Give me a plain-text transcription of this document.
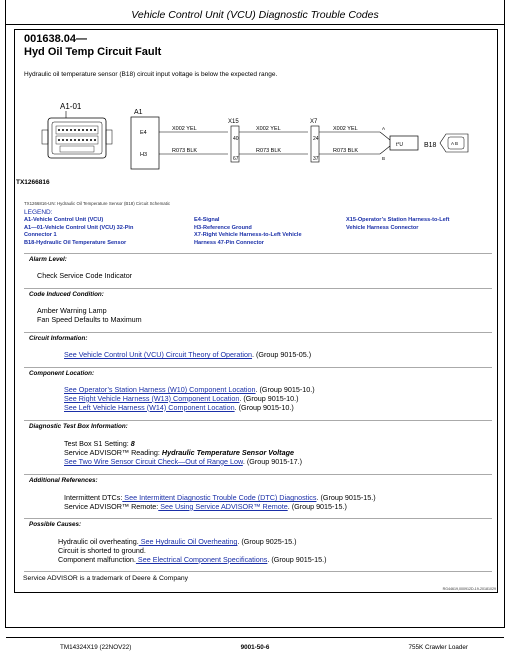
Vehicle Control Unit (VCU) Diagnostic Trouble Codes
001638.04—
Hyd Oil Temp Circuit Fault
Hydraulic oil temperature sensor (B18) circuit input voltage is below the expected range.
A1-01
TX1266816
A1
E4
H3
X002 YEL
R073 BLK
X15
40
67
X002 YEL
R073 BLK
X7
24
37
X002 YEL
R073 BLK
A
B
t°U	B18	A B
TX1266816-UN: Hydraulic Oil Temperature Sensor (B18) Circuit Schematic
LEGEND:
A1-Vehicle Control Unit (VCU)
A1—01-Vehicle Control Unit (VCU) 32-Pin
Connector 1
B18-Hydraulic Oil Temperature Sensor
E4-Signal
H3-Reference Ground
X7-Right Vehicle Harness-to-Left Vehicle
Harness 47-Pin Connector
X15-Operator’s Station Harness-to-Left
Vehicle Harness Connector
Alarm Level:
Check Service Code Indicator
Code Induced Condition:
Amber Warning Lamp
Fan Speed Defaults to Maximum
Circuit Information:
See Vehicle Control Unit (VCU) Circuit Theory of Operation. (Group 9015-05.)
Component Location:
See Operator’s Station Harness (W10) Component Location. (Group 9015-10.)
See Right Vehicle Harness (W13) Component Location. (Group 9015-10.)
See Left Vehicle Harness (W14) Component Location. (Group 9015-10.)
Diagnostic Test Box Information:
Test Box S1 Setting: 8
Service ADVISOR™ Reading: Hydraulic Temperature Sensor Voltage
See Two Wire Sensor Circuit Check—Out of Range Low. (Group 9015-17.)
Additional References:
Intermittent DTCs: See Intermittent Diagnostic Trouble Code (DTC) Diagnostics. (Group 9015-15.)
Service ADVISOR™ Remote: See Using Service ADVISOR™ Remote. (Group 9015-15.)
Possible Causes:
Hydraulic oil overheating. See Hydraulic Oil Overheating. (Group 9025-15.)
Circuit is shorted to ground.
Component malfunction. See Electrical Component Specifications. (Group 9015-15.)
Service ADVISOR is a trademark of Deere & Company
RG44619,000912D-19-20181029
TM14324X19 (22NOV22)	9001-50-6	755K Crawler Loader
